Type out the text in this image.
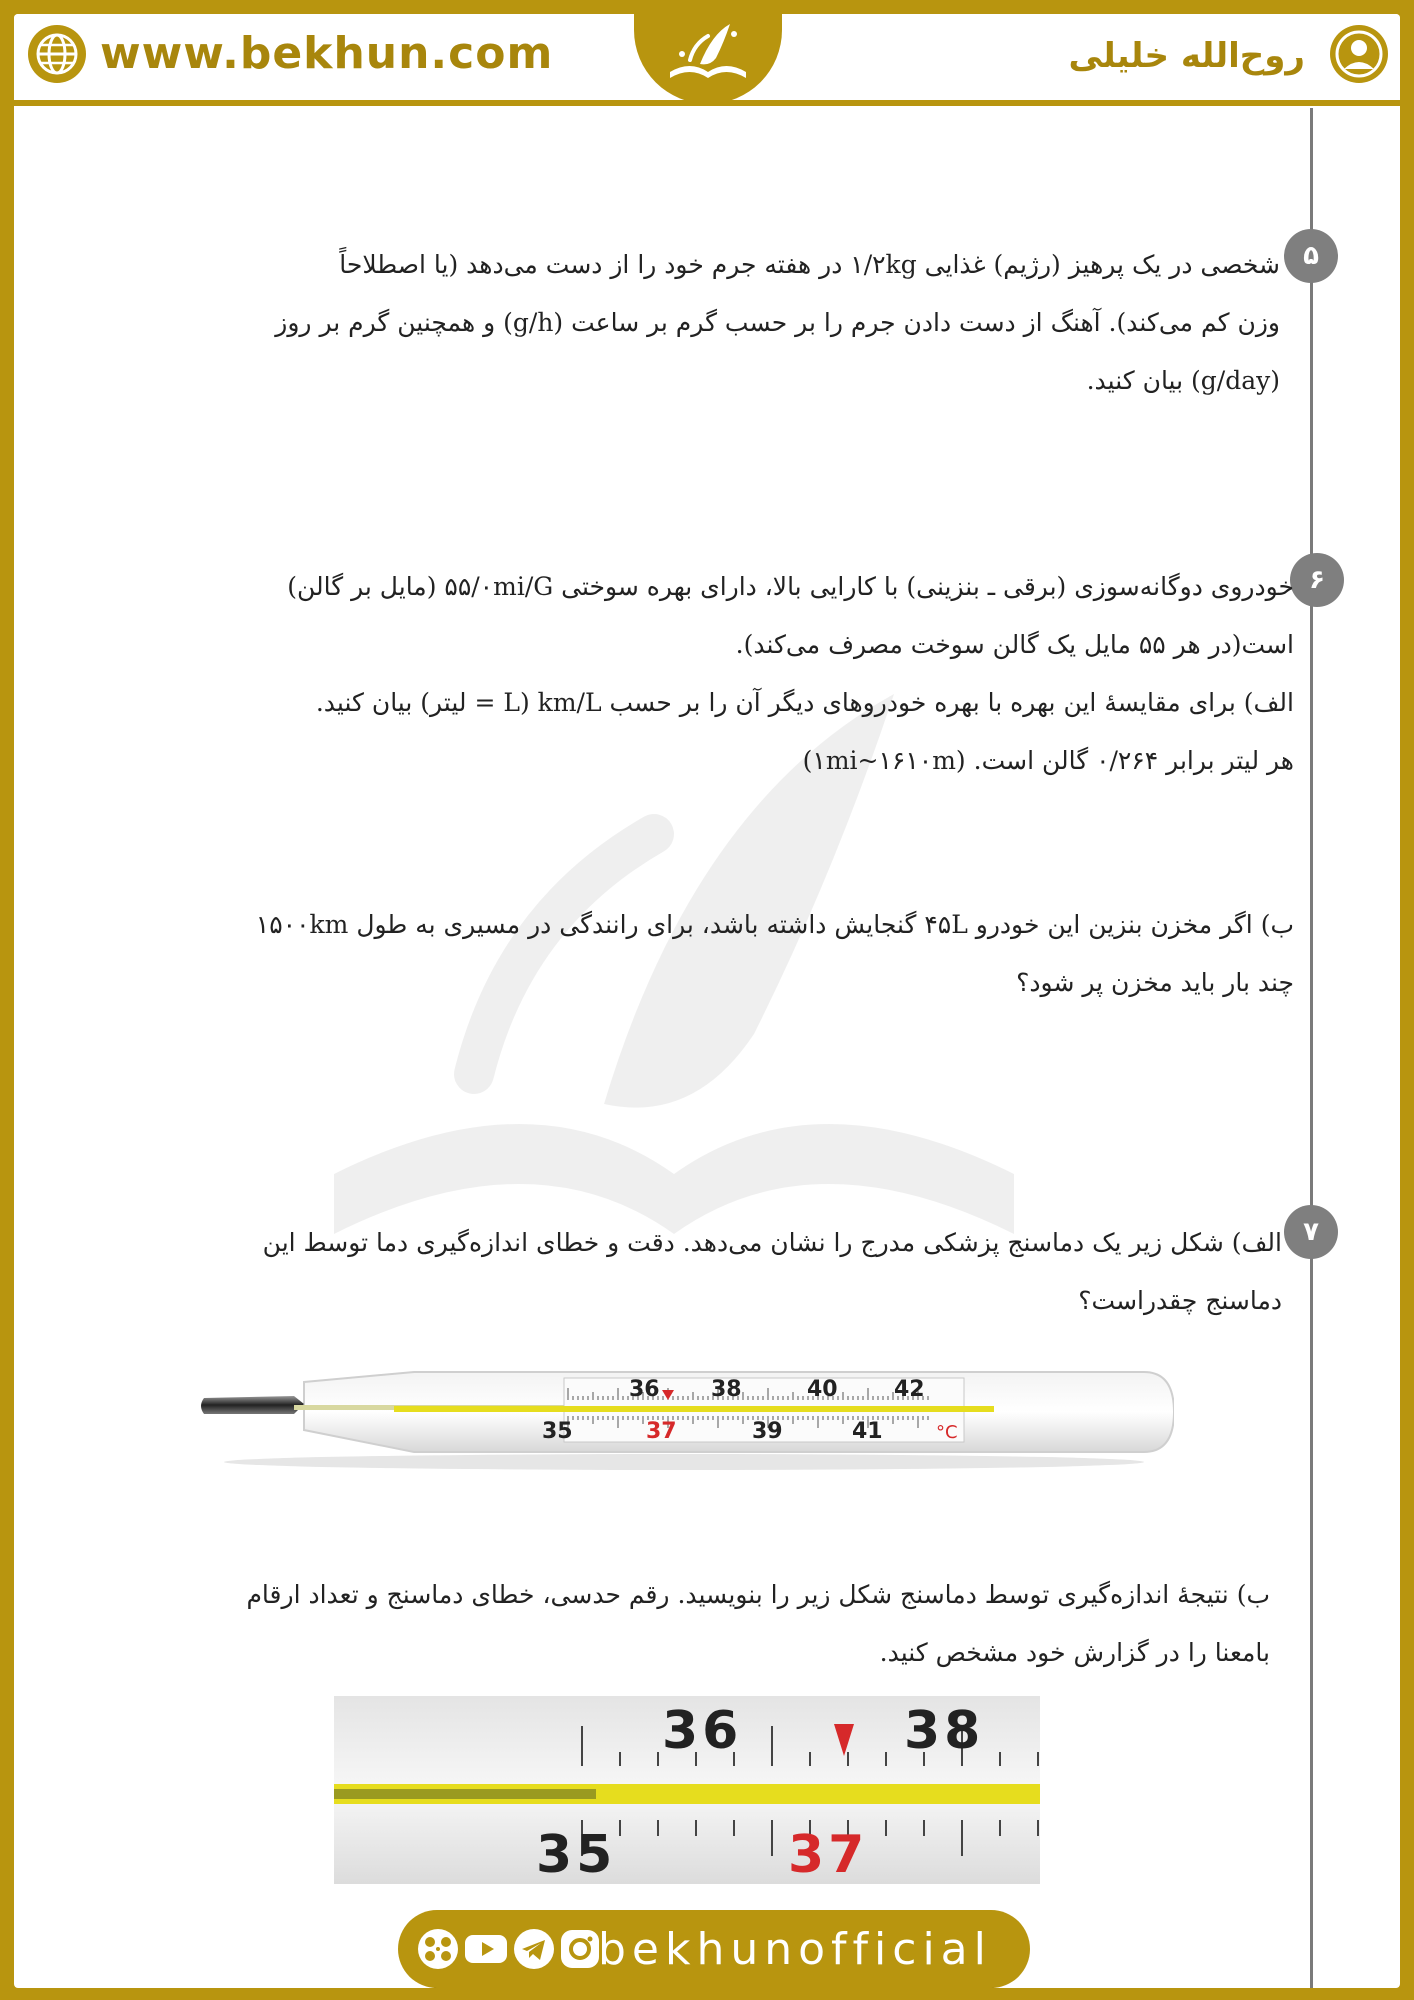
www.bekhun.com	روح‌الله خلیلی
۵

شخصی در یک پرهیز (رژیم) غذایی ۱/۲kg در هفته جرم خود را از دست می‌دهد (یا اصطلاحاً

وزن کم می‌کند). آهنگ از دست دادن جرم را بر حسب گرم بر ساعت (g/h) و همچنین گرم بر روز

(g/day) بیان کنید.

۶

خودروی دوگانه‌سوزی (برقی ـ بنزینی) با کارایی بالا، دارای بهره سوختی ۵۵/۰mi/G (مایل بر گالن)

است(در هر ۵۵ مایل یک گالن سوخت مصرف می‌کند).

الف) برای مقایسهٔ این بهره با بهره خودروهای دیگر آن را بر حسب km/L (L = لیتر) بیان کنید.

هر لیتر برابر ۰/۲۶۴ گالن است. (۱mi~۱۶۱۰m)

ب) اگر مخزن بنزین این خودرو ۴۵L گنجایش داشته باشد، برای رانندگی در مسیری به طول ۱۵۰۰km

چند بار باید مخزن پر شود؟

۷

الف) شکل زیر یک دماسنج پزشکی مدرج را نشان می‌دهد. دقت و خطای اندازه‌گیری دما توسط این

دماسنج چقدراست؟

36 38	40	42
35	37	39	41	°C

ب) نتیجهٔ اندازه‌گیری توسط دماسنج شکل زیر را بنویسید. رقم حدسی، خطای دماسنج و تعداد ارقام

بامعنا را در گزارش خود مشخص کنید.

36	38
35	37
bekhunofficial
